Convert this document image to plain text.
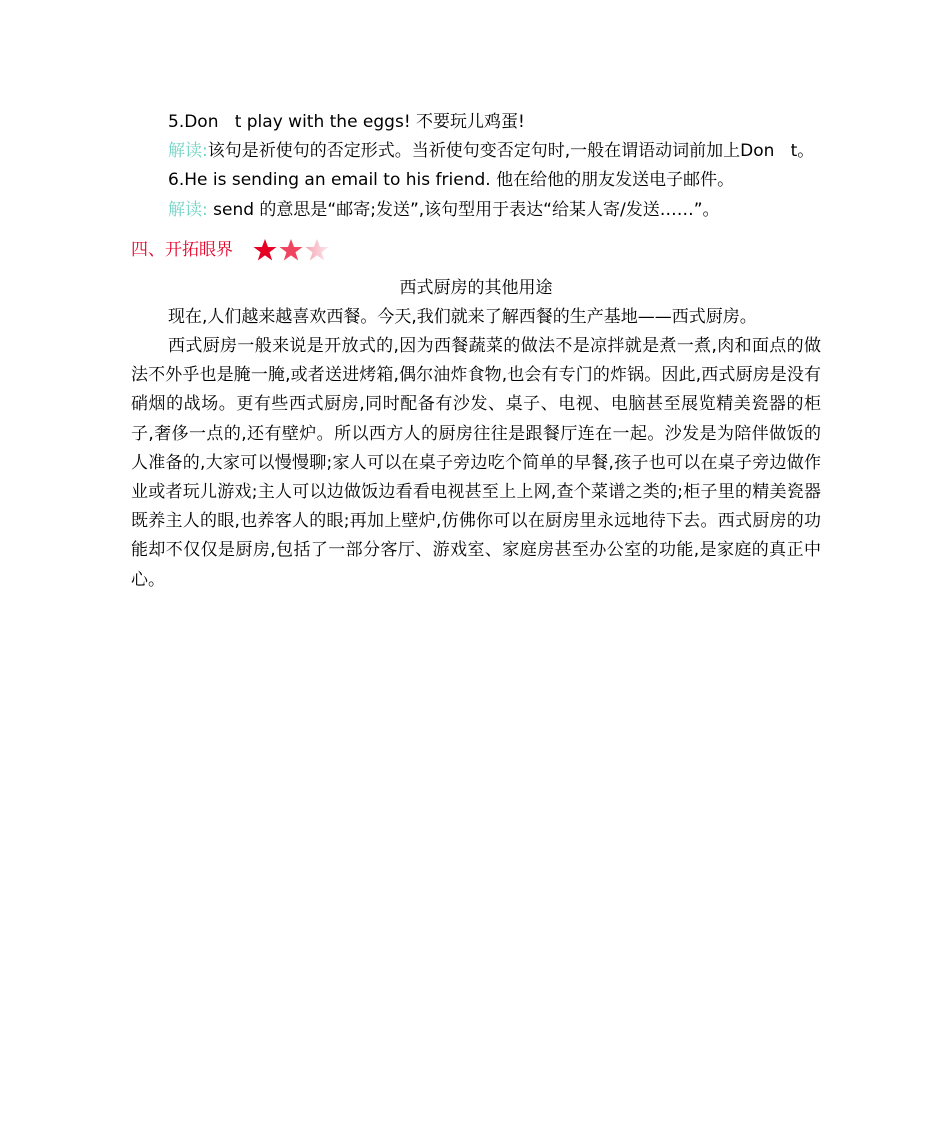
5.Don   t play with the eggs! 不要玩儿鸡蛋!

解读:该句是祈使句的否定形式。当祈使句变否定句时,一般在谓语动词前加上Don   t。

6.He is sending an email to his friend. 他在给他的朋友发送电子邮件。

解读: send 的意思是“邮寄;发送”,该句型用于表达“给某人寄/发送……”。

四、开拓眼界

西式厨房的其他用途

现在,人们越来越喜欢西餐。今天,我们就来了解西餐的生产基地——西式厨房。

西式厨房一般来说是开放式的,因为西餐蔬菜的做法不是凉拌就是煮一煮,肉和面点的做法不外乎也是腌一腌,或者送进烤箱,偶尔油炸食物,也会有专门的炸锅。因此,西式厨房是没有硝烟的战场。更有些西式厨房,同时配备有沙发、桌子、电视、电脑甚至展览精美瓷器的柜子,奢侈一点的,还有壁炉。所以西方人的厨房往往是跟餐厅连在一起。沙发是为陪伴做饭的人准备的,大家可以慢慢聊;家人可以在桌子旁边吃个简单的早餐,孩子也可以在桌子旁边做作业或者玩儿游戏;主人可以边做饭边看看电视甚至上上网,查个菜谱之类的;柜子里的精美瓷器既养主人的眼,也养客人的眼;再加上壁炉,仿佛你可以在厨房里永远地待下去。西式厨房的功能却不仅仅是厨房,包括了一部分客厅、游戏室、家庭房甚至办公室的功能,是家庭的真正中心。
